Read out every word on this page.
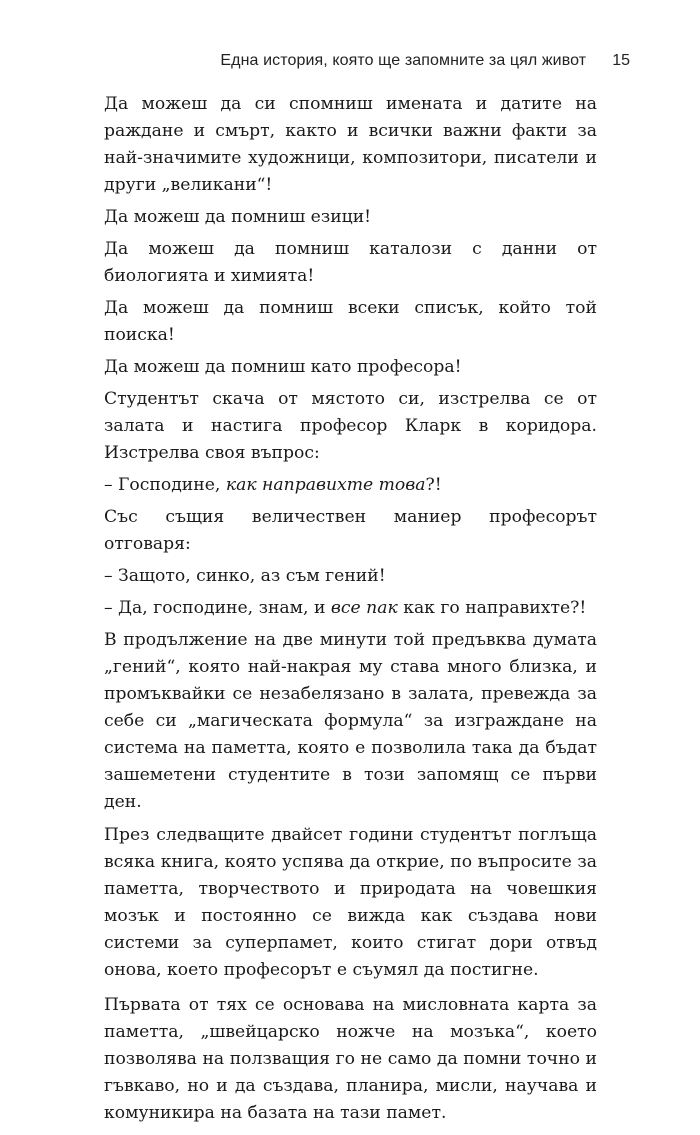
Една история, която ще запомните за цял живот 15

Да можеш да си спомниш имената и датите на раждане и смърт, както и всички важни факти за най-значимите художници, композитори, писатели и други „великани“!

Да можеш да помниш езици!

Да можеш да помниш каталози с данни от биологията и химията!

Да можеш да помниш всеки списък, който той поиска!

Да можеш да помниш като професора!

Студентът скача от мястото си, изстрелва се от залата и настига професор Кларк в коридора. Изстрелва своя въпрос:

– Господине, как направихте това?!

Със същия величествен маниер професорът отговаря:

– Защото, синко, аз съм гений!

– Да, господине, знам, и все пак как го направихте?!

В продължение на две минути той предъвква думата „гений“, която най-накрая му става много близка, и промъквайки се незабелязано в залата, превежда за себе си „магическата формула“ за изграждане на система на паметта, която е позволила така да бъдат зашеметени студентите в този запомящ се първи ден.

През следващите двайсет години студентът поглъща всяка книга, която успява да открие, по въпросите за паметта, творчеството и природата на човешкия мозък и постоянно се вижда как създава нови системи за суперпамет, които стигат дори отвъд онова, което професорът е съумял да постигне.

Първата от тях се основава на мисловната карта за паметта, „швейцарско ножче на мозъка“, което позволява на ползващия го не само да помни точно и гъвкаво, но и да създава, планира, мисли, научава и комуникира на базата на тази памет.
